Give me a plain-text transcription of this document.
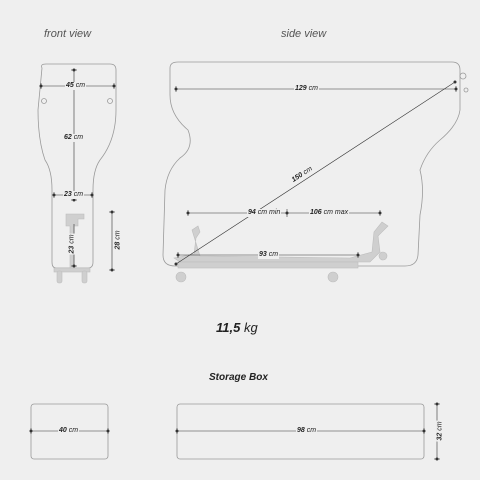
front view	side view
45 cm
62 cm
23 cm
23 cm
28 cm
129 cm
150 cm
94 cm min	106 cm max
93 cm
11,5 kg
Storage Box
40 cm	98 cm
32 cm
